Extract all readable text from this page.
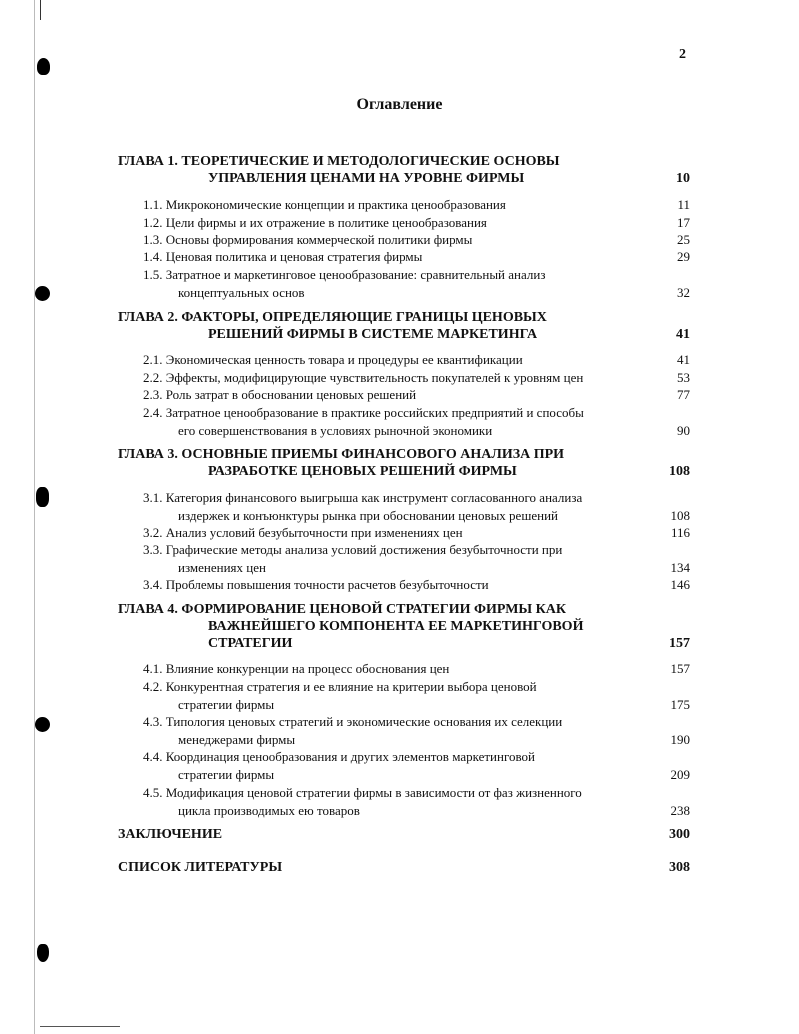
2
Оглавление
ГЛАВА 1. ТЕОРЕТИЧЕСКИЕ И МЕТОДОЛОГИЧЕСКИЕ ОСНОВЫ
УПРАВЛЕНИЯ ЦЕНАМИ НА УРОВНЕ ФИРМЫ	10
1.1. Микрокономические концепции и практика ценообразования	11
1.2. Цели фирмы и их отражение в политике ценообразования	17
1.3. Основы формирования коммерческой политики фирмы	25
1.4. Ценовая политика и ценовая стратегия фирмы	29
1.5. Затратное и маркетинговое ценообразование: сравнительный анализ
концептуальных основ	32
ГЛАВА 2. ФАКТОРЫ, ОПРЕДЕЛЯЮЩИЕ ГРАНИЦЫ ЦЕНОВЫХ
РЕШЕНИЙ ФИРМЫ В СИСТЕМЕ МАРКЕТИНГА	41
2.1. Экономическая ценность товара и процедуры ее квантификации	41
2.2. Эффекты, модифицирующие чувствительность покупателей к уровням цен	53
2.3. Роль затрат в обосновании ценовых решений	77
2.4. Затратное ценообразование в практике российских предприятий и способы
его совершенствования в условиях рыночной экономики	90
ГЛАВА 3. ОСНОВНЫЕ ПРИЕМЫ ФИНАНСОВОГО АНАЛИЗА ПРИ
РАЗРАБОТКЕ ЦЕНОВЫХ РЕШЕНИЙ ФИРМЫ	108
3.1. Категория финансового выигрыша как инструмент согласованного анализа
издержек и конъюнктуры рынка при обосновании ценовых решений	108
3.2. Анализ условий безубыточности при изменениях цен	116
3.3. Графические методы анализа условий достижения безубыточности при
изменениях цен	134
3.4. Проблемы повышения точности расчетов безубыточности	146
ГЛАВА 4. ФОРМИРОВАНИЕ ЦЕНОВОЙ СТРАТЕГИИ ФИРМЫ КАК
ВАЖНЕЙШЕГО КОМПОНЕНТА ЕЕ МАРКЕТИНГОВОЙ
СТРАТЕГИИ	157
4.1. Влияние конкуренции на процесс обоснования цен	157
4.2. Конкурентная стратегия и ее влияние на критерии выбора ценовой
стратегии фирмы	175
4.3. Типология ценовых стратегий и экономические основания их селекции
менеджерами фирмы	190
4.4. Координация ценообразования и других элементов маркетинговой
стратегии фирмы	209
4.5. Модификация ценовой стратегии фирмы в зависимости от фаз жизненного
цикла производимых ею товаров	238
ЗАКЛЮЧЕНИЕ	300
СПИСОК ЛИТЕРАТУРЫ	308
